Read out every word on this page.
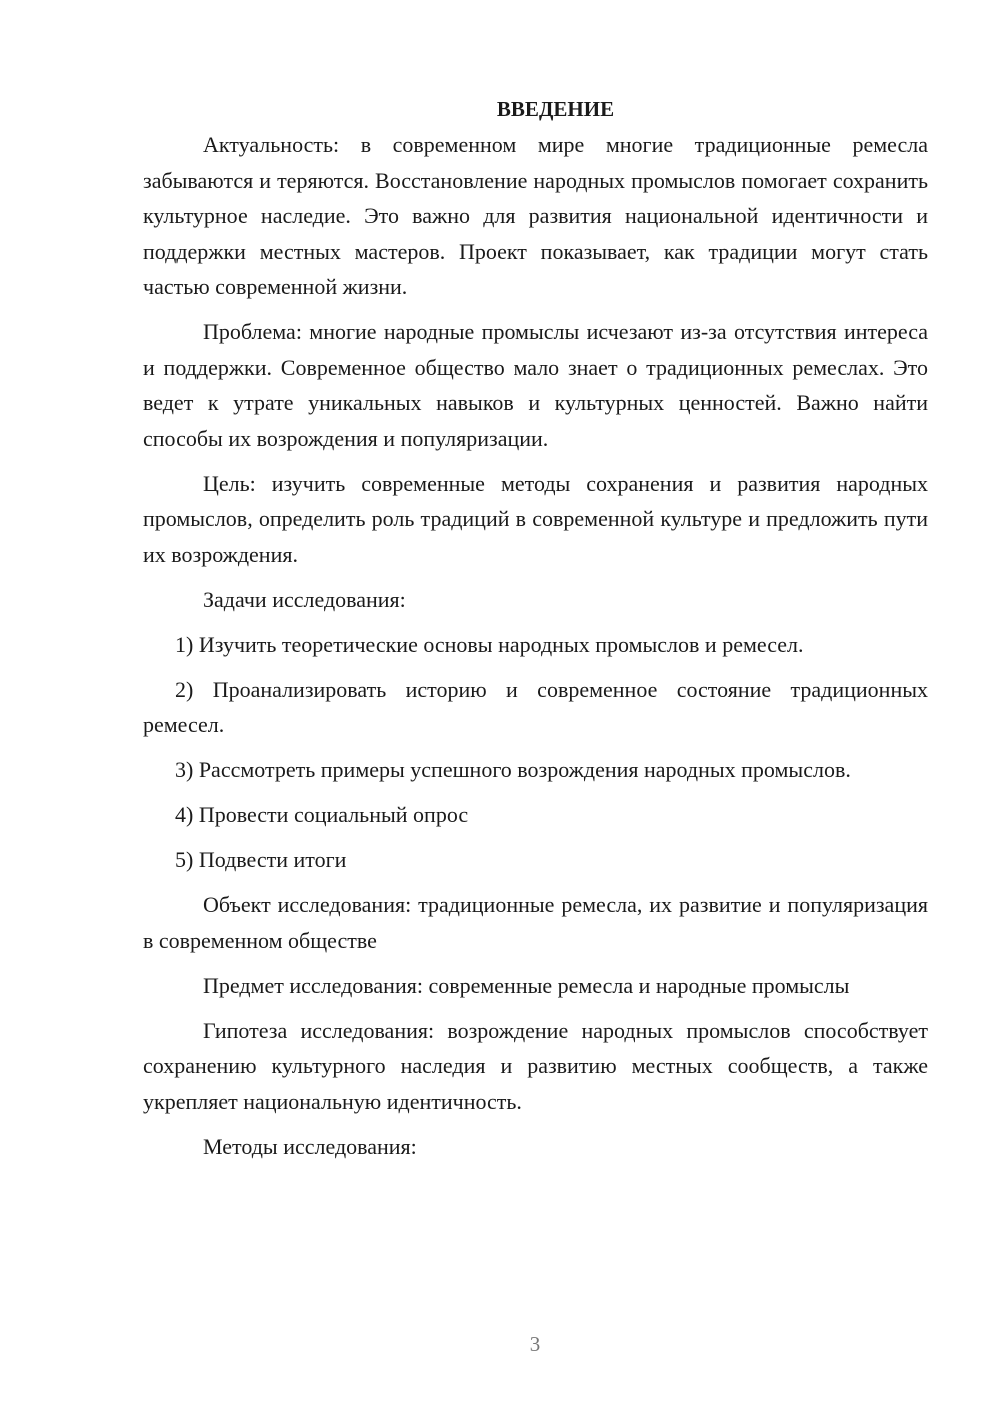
ВВЕДЕНИЕ

Актуальность: в современном мире многие традиционные ремесла забываются и теряются. Восстановление народных промыслов помогает сохранить культурное наследие. Это важно для развития национальной идентичности и поддержки местных мастеров. Проект показывает, как традиции могут стать частью современной жизни.

Проблема: многие народные промыслы исчезают из-за отсутствия интереса и поддержки. Современное общество мало знает о традиционных ремеслах. Это ведет к утрате уникальных навыков и культурных ценностей. Важно найти способы их возрождения и популяризации.

Цель: изучить современные методы сохранения и развития народных промыслов, определить роль традиций в современной культуре и предложить пути их возрождения.

Задачи исследования:

1) Изучить теоретические основы народных промыслов и ремесел.

2) Проанализировать историю и современное состояние традиционных ремесел.

3) Рассмотреть примеры успешного возрождения народных промыслов.

4) Провести социальный опрос

5) Подвести итоги

Объект исследования: традиционные ремесла, их развитие и популяризация в современном обществе

Предмет исследования: современные ремесла и народные промыслы

Гипотеза исследования: возрождение народных промыслов способствует сохранению культурного наследия и развитию местных сообществ, а также укрепляет национальную идентичность.

Методы исследования:

3
